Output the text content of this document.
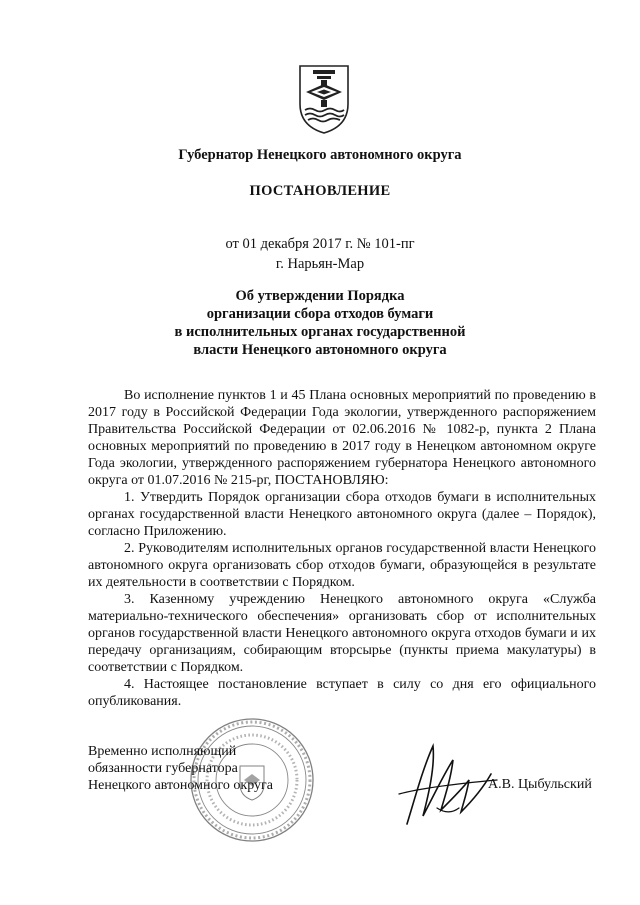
Губернатор Ненецкого автономного округа
ПОСТАНОВЛЕНИЕ
от 01 декабря 2017 г. № 101-пг
г. Нарьян-Мар
Об утверждении Порядка
организации сбора отходов бумаги
в исполнительных органах государственной
власти Ненецкого автономного округа

Во исполнение пунктов 1 и 45 Плана основных мероприятий по проведению в 2017 году в Российской Федерации Года экологии, утвержденного распоряжением Правительства Российской Федерации от 02.06.2016 № 1082-р, пункта 2 Плана основных мероприятий по проведению в 2017 году в Ненецком автономном округе Года экологии, утвержденного распоряжением губернатора Ненецкого автономного округа от 01.07.2016 № 215-рг, ПОСТАНОВЛЯЮ:

1. Утвердить Порядок организации сбора отходов бумаги в исполнительных органах государственной власти Ненецкого автономного округа (далее – Порядок), согласно Приложению.

2. Руководителям исполнительных органов государственной власти Ненецкого автономного округа организовать сбор отходов бумаги, образующейся в результате их деятельности в соответствии с Порядком.

3. Казенному учреждению Ненецкого автономного округа «Служба материально-технического обеспечения» организовать сбор от исполнительных органов государственной власти Ненецкого автономного округа отходов бумаги и их передачу организациям, собирающим вторсырье (пункты приема макулатуры) в соответствии с Порядком.

4. Настоящее постановление вступает в силу со дня его официального опубликования.

Временно исполняющий
обязанности губернатора
Ненецкого автономного округа	А.В. Цыбульский
